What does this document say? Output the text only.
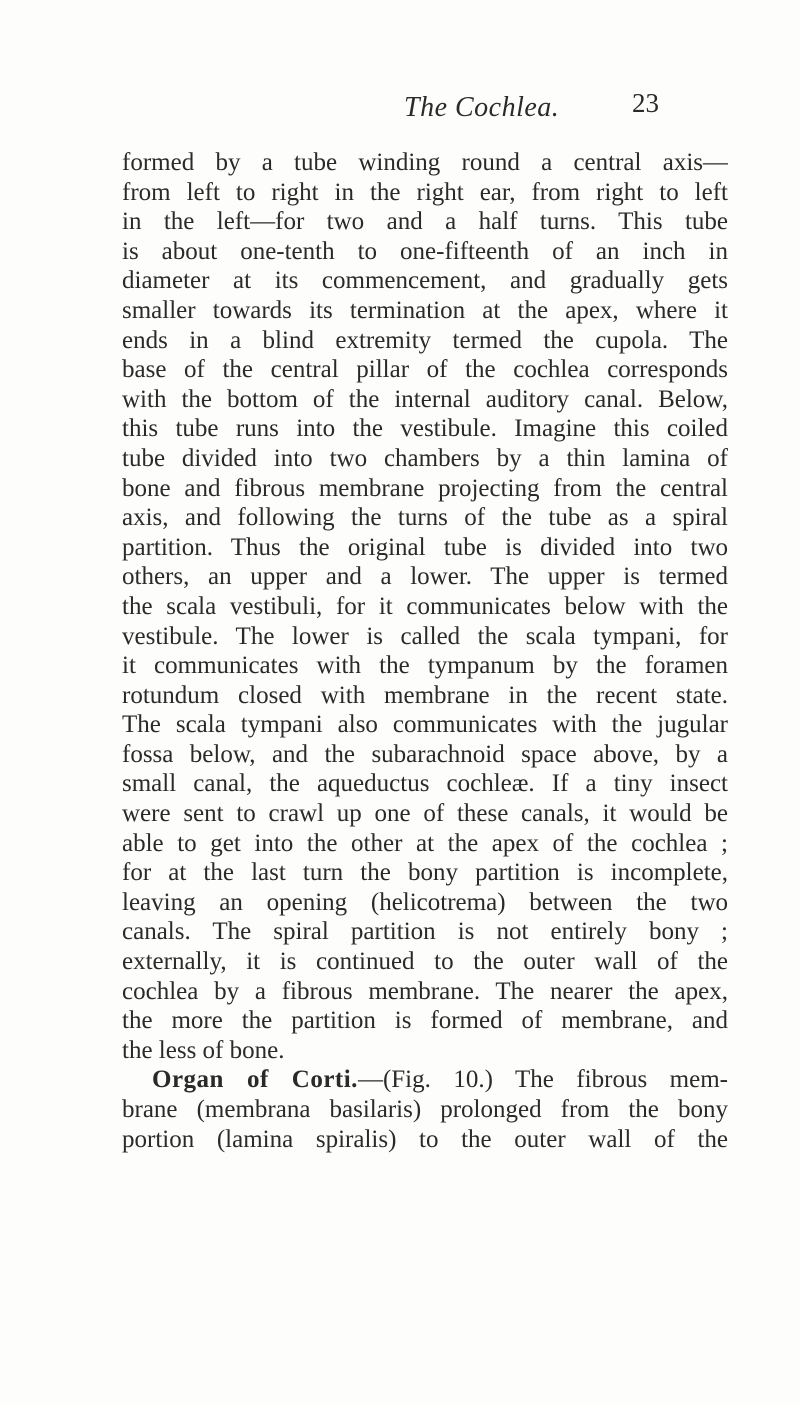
The Cochlea.	23
formed by a tube winding round a central axis—
from left to right in the right ear, from right to left
in the left—for two and a half turns. This tube
is about one-tenth to one-fifteenth of an inch in
diameter at its commencement, and gradually gets
smaller towards its termination at the apex, where it
ends in a blind extremity termed the cupola. The
base of the central pillar of the cochlea corresponds
with the bottom of the internal auditory canal. Below,
this tube runs into the vestibule. Imagine this coiled
tube divided into two chambers by a thin lamina of
bone and fibrous membrane projecting from the central
axis, and following the turns of the tube as a spiral
partition. Thus the original tube is divided into two
others, an upper and a lower. The upper is termed
the scala vestibuli, for it communicates below with the
vestibule. The lower is called the scala tympani, for
it communicates with the tympanum by the foramen
rotundum closed with membrane in the recent state.
The scala tympani also communicates with the jugular
fossa below, and the subarachnoid space above, by a
small canal, the aqueductus cochleæ. If a tiny insect
were sent to crawl up one of these canals, it would be
able to get into the other at the apex of the cochlea ;
for at the last turn the bony partition is incomplete,
leaving an opening (helicotrema) between the two
canals. The spiral partition is not entirely bony ;
externally, it is continued to the outer wall of the
cochlea by a fibrous membrane. The nearer the apex,
the more the partition is formed of membrane, and
the less of bone.
Organ of Corti.—(Fig. 10.) The fibrous mem-
brane (membrana basilaris) prolonged from the bony
portion (lamina spiralis) to the outer wall of the
